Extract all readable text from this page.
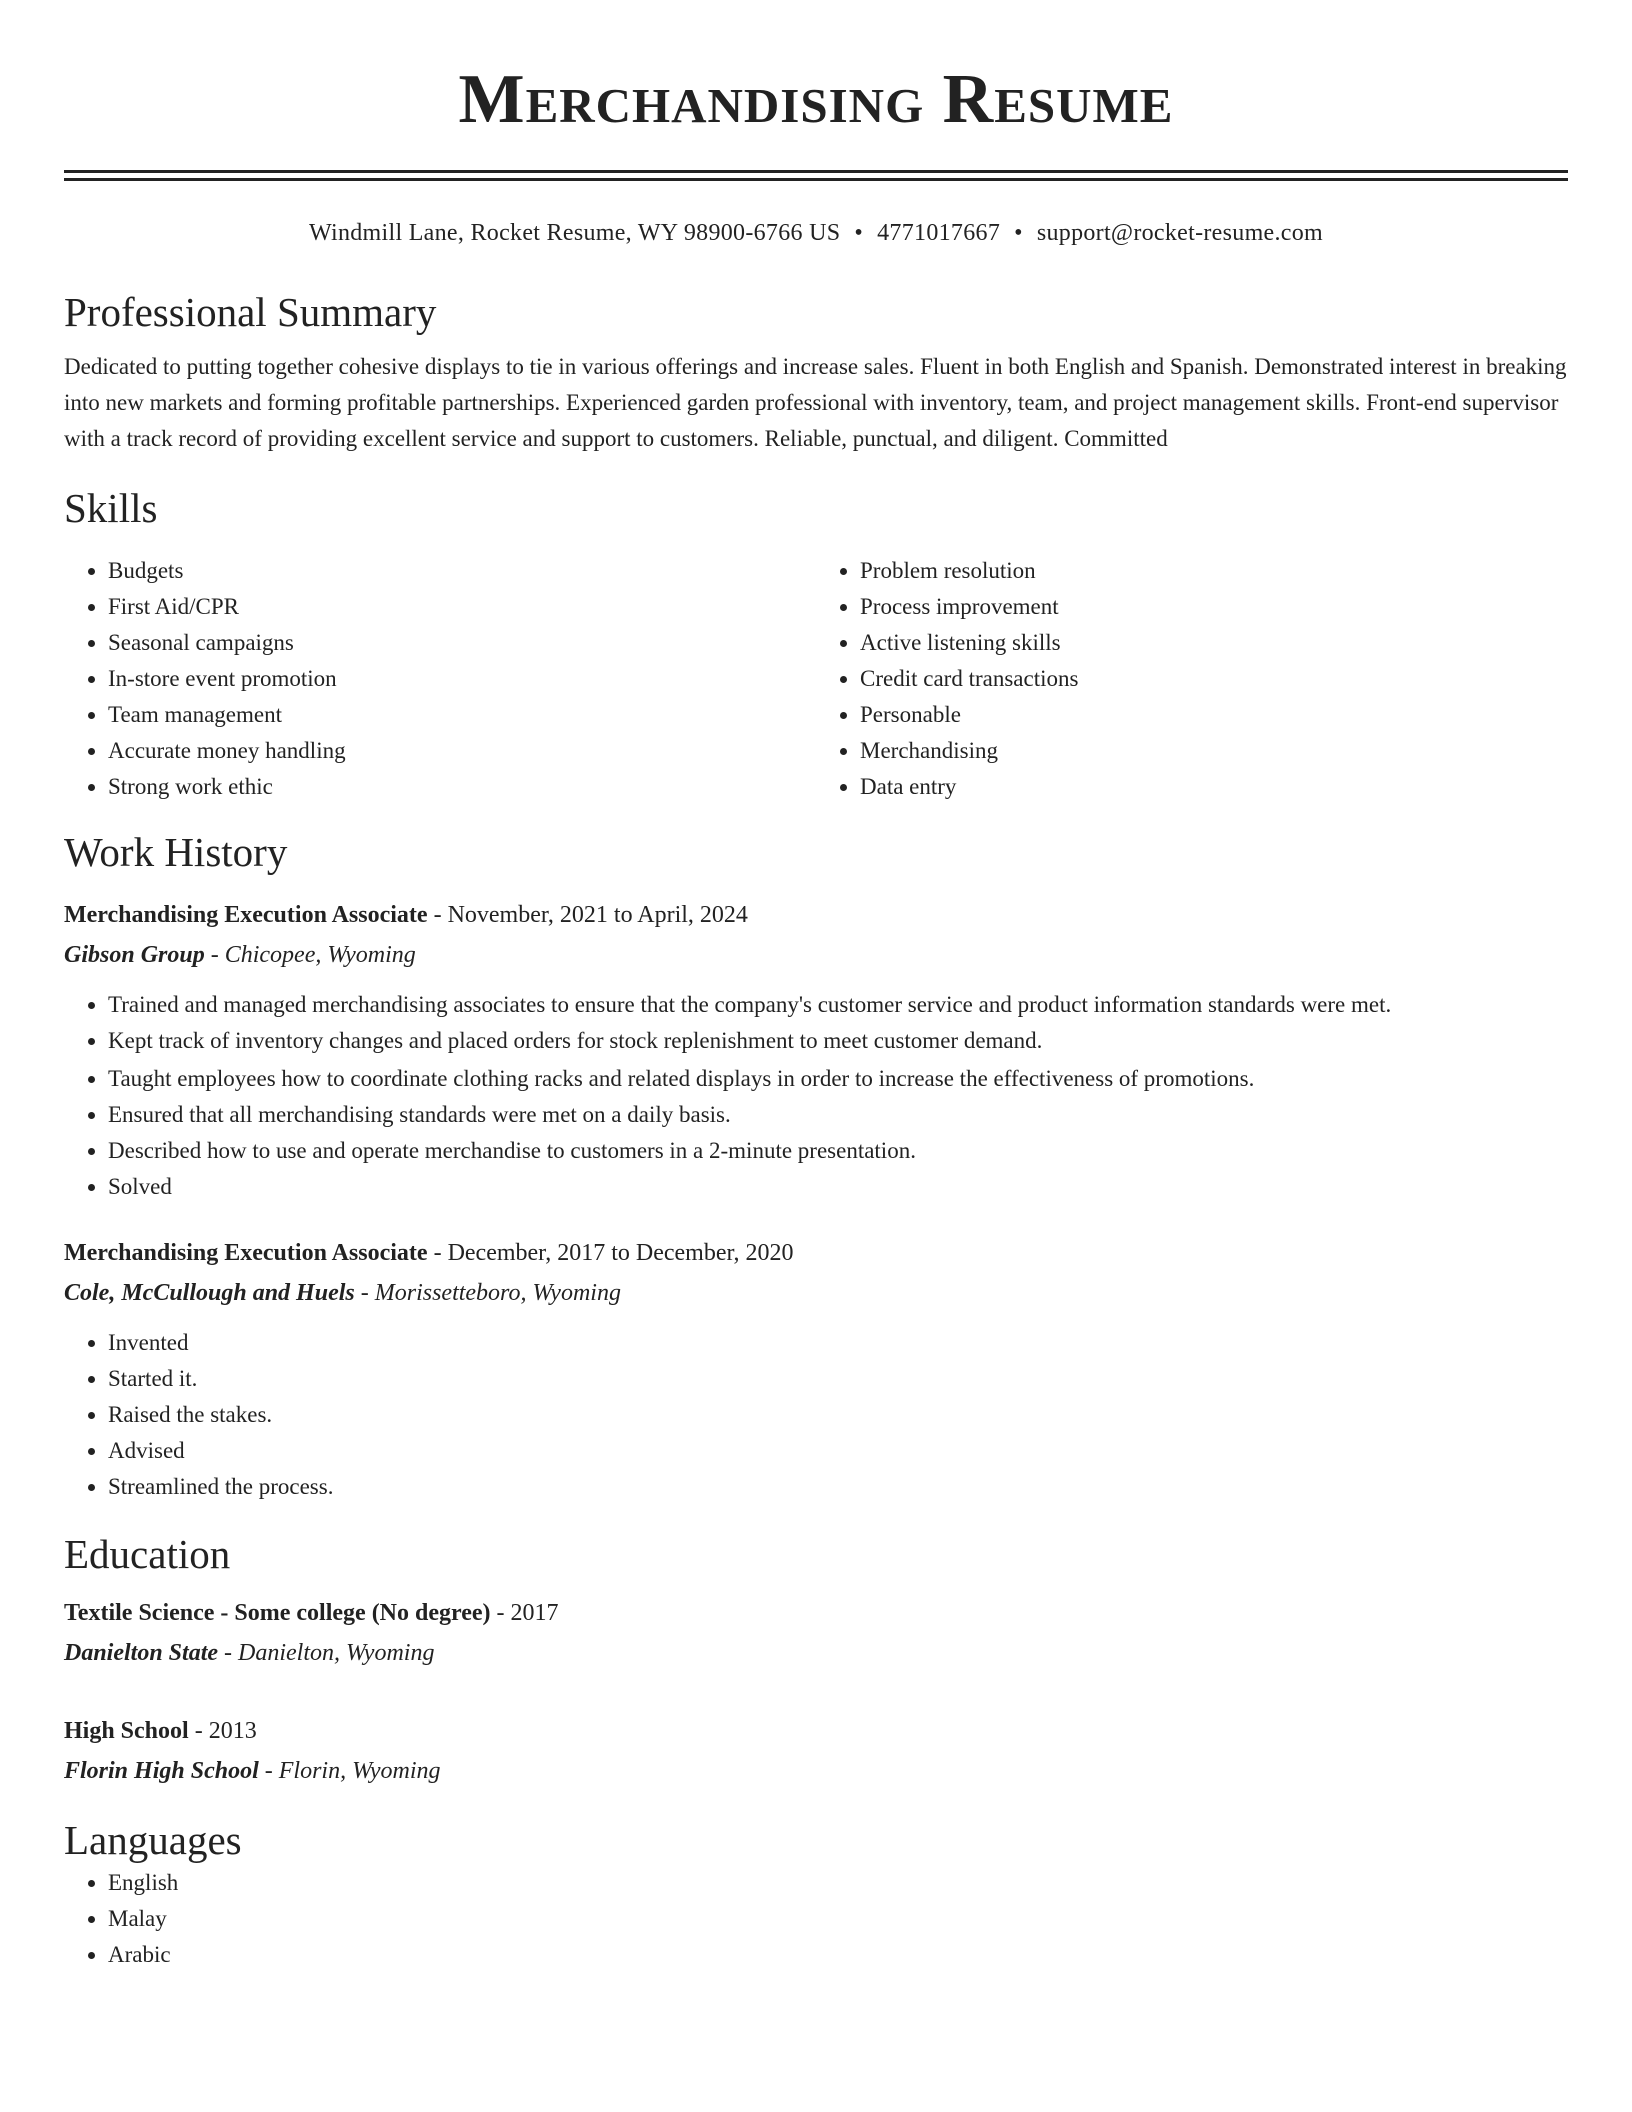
Merchandising Resume
Windmill Lane, Rocket Resume, WY 98900-6766 US • 4771017667 • support@rocket-resume.com
Professional Summary
Dedicated to putting together cohesive displays to tie in various offerings and increase sales. Fluent in both English and Spanish. Demonstrated interest in breaking into new markets and forming profitable partnerships. Experienced garden professional with inventory, team, and project management skills. Front-end supervisor with a track record of providing excellent service and support to customers. Reliable, punctual, and diligent. Committed
Skills
• Budgets
• First Aid/CPR
• Seasonal campaigns
• In-store event promotion
• Team management
• Accurate money handling
• Strong work ethic
• Problem resolution
• Process improvement
• Active listening skills
• Credit card transactions
• Personable
• Merchandising
• Data entry
Work History
Merchandising Execution Associate - November, 2021 to April, 2024
Gibson Group - Chicopee, Wyoming
• Trained and managed merchandising associates to ensure that the company's customer service and product information standards were met.
• Kept track of inventory changes and placed orders for stock replenishment to meet customer demand.
• Taught employees how to coordinate clothing racks and related displays in order to increase the effectiveness of promotions.
• Ensured that all merchandising standards were met on a daily basis.
• Described how to use and operate merchandise to customers in a 2-minute presentation.
• Solved
Merchandising Execution Associate - December, 2017 to December, 2020
Cole, McCullough and Huels - Morissetteboro, Wyoming
• Invented
• Started it.
• Raised the stakes.
• Advised
• Streamlined the process.
Education
Textile Science - Some college (No degree) - 2017
Danielton State - Danielton, Wyoming
High School - 2013
Florin High School - Florin, Wyoming
Languages
• English
• Malay
• Arabic
